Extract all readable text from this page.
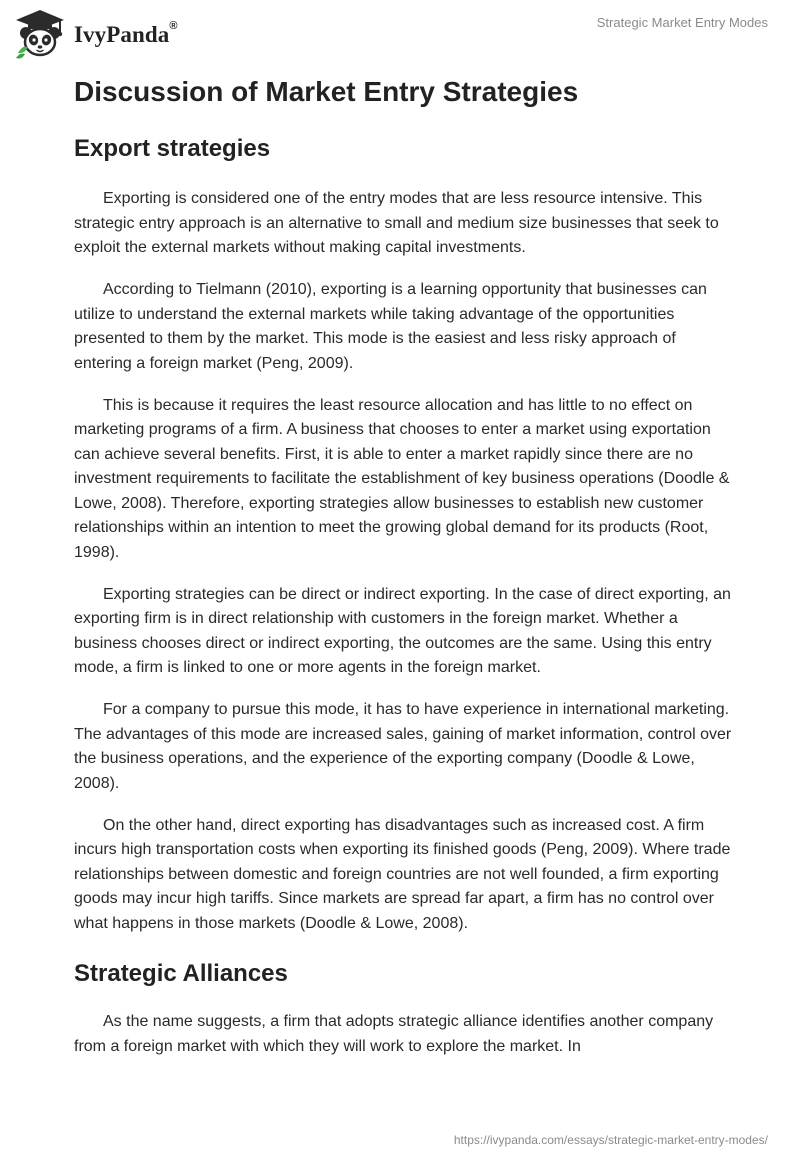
IvyPanda®	Strategic Market Entry Modes
Discussion of Market Entry Strategies
Export strategies

Exporting is considered one of the entry modes that are less resource intensive. This strategic entry approach is an alternative to small and medium size businesses that seek to exploit the external markets without making capital investments.

According to Tielmann (2010), exporting is a learning opportunity that businesses can utilize to understand the external markets while taking advantage of the opportunities presented to them by the market. This mode is the easiest and less risky approach of entering a foreign market (Peng, 2009).

This is because it requires the least resource allocation and has little to no effect on marketing programs of a firm. A business that chooses to enter a market using exportation can achieve several benefits. First, it is able to enter a market rapidly since there are no investment requirements to facilitate the establishment of key business operations (Doodle & Lowe, 2008). Therefore, exporting strategies allow businesses to establish new customer relationships within an intention to meet the growing global demand for its products (Root, 1998).

Exporting strategies can be direct or indirect exporting. In the case of direct exporting, an exporting firm is in direct relationship with customers in the foreign market. Whether a business chooses direct or indirect exporting, the outcomes are the same. Using this entry mode, a firm is linked to one or more agents in the foreign market.

For a company to pursue this mode, it has to have experience in international marketing. The advantages of this mode are increased sales, gaining of market information, control over the business operations, and the experience of the exporting company (Doodle & Lowe, 2008).

On the other hand, direct exporting has disadvantages such as increased cost. A firm incurs high transportation costs when exporting its finished goods (Peng, 2009). Where trade relationships between domestic and foreign countries are not well founded, a firm exporting goods may incur high tariffs. Since markets are spread far apart, a firm has no control over what happens in those markets (Doodle & Lowe, 2008).

Strategic Alliances

As the name suggests, a firm that adopts strategic alliance identifies another company from a foreign market with which they will work to explore the market. In

https://ivypanda.com/essays/strategic-market-entry-modes/
